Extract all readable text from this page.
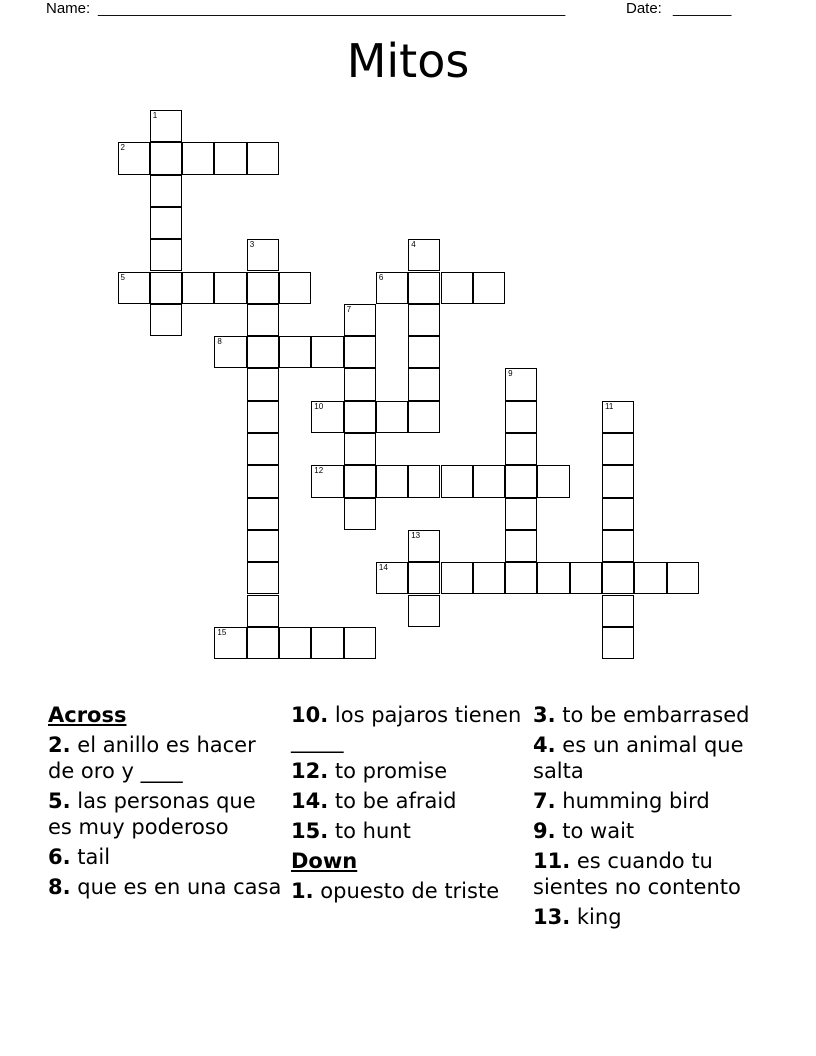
Name: ________________________________________________________	Date: _______
Mitos
1
2
3	4
5	6
7
8
9
10	11
12
13
14
15
Across
2. el anillo es hacer de oro y ____
5. las personas que es muy poderoso
6. tail
8. que es en una casa
10. los pajaros tienen _____
12. to promise
14. to be afraid
15. to hunt
Down
1. opuesto de triste
3. to be embarrased
4. es un animal que salta
7. humming bird
9. to wait
11. es cuando tu sientes no contento
13. king
